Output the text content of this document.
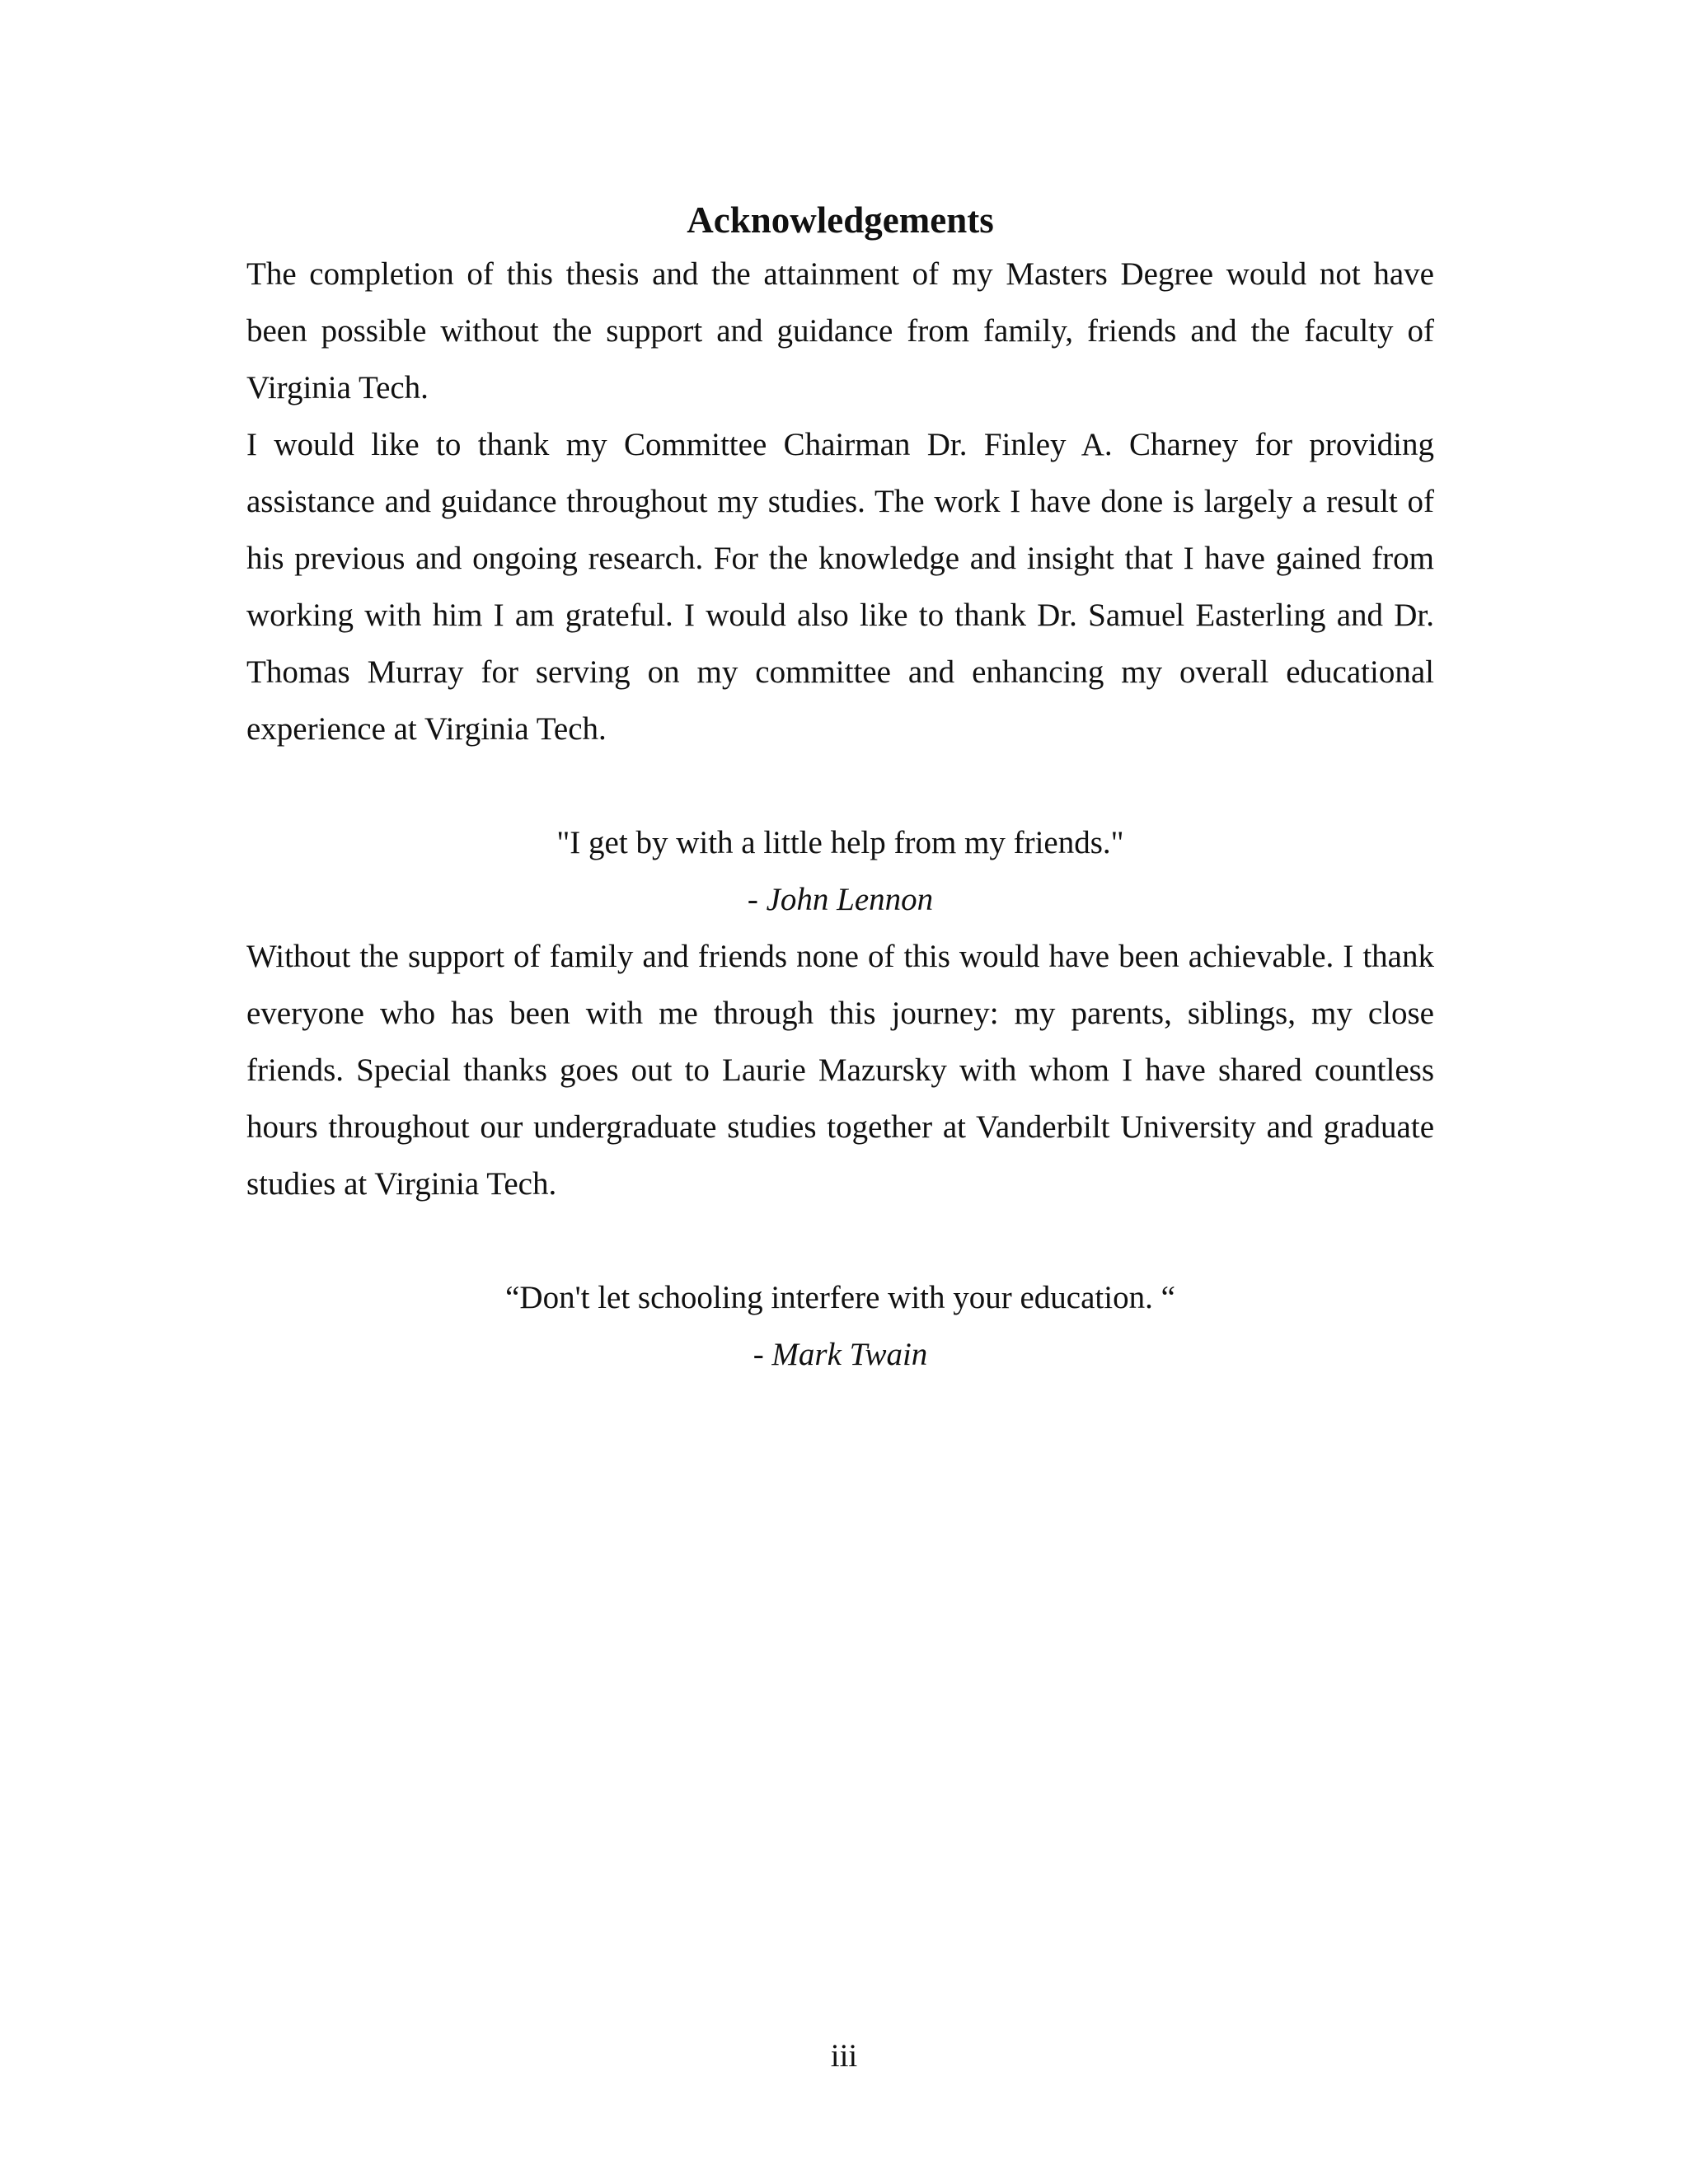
Acknowledgements

The completion of this thesis and the attainment of my Masters Degree would not have been possible without the support and guidance from family, friends and the faculty of Virginia Tech.

I would like to thank my Committee Chairman Dr. Finley A. Charney for providing assistance and guidance throughout my studies. The work I have done is largely a result of his previous and ongoing research. For the knowledge and insight that I have gained from working with him I am grateful. I would also like to thank Dr. Samuel Easterling and Dr. Thomas Murray for serving on my committee and enhancing my overall educational experience at Virginia Tech.

"I get by with a little help from my friends."
- John Lennon

Without the support of family and friends none of this would have been achievable. I thank everyone who has been with me through this journey: my parents, siblings, my close friends. Special thanks goes out to Laurie Mazursky with whom I have shared countless hours throughout our undergraduate studies together at Vanderbilt University and graduate studies at Virginia Tech.

“Don't let schooling interfere with your education. “
- Mark Twain
iii
